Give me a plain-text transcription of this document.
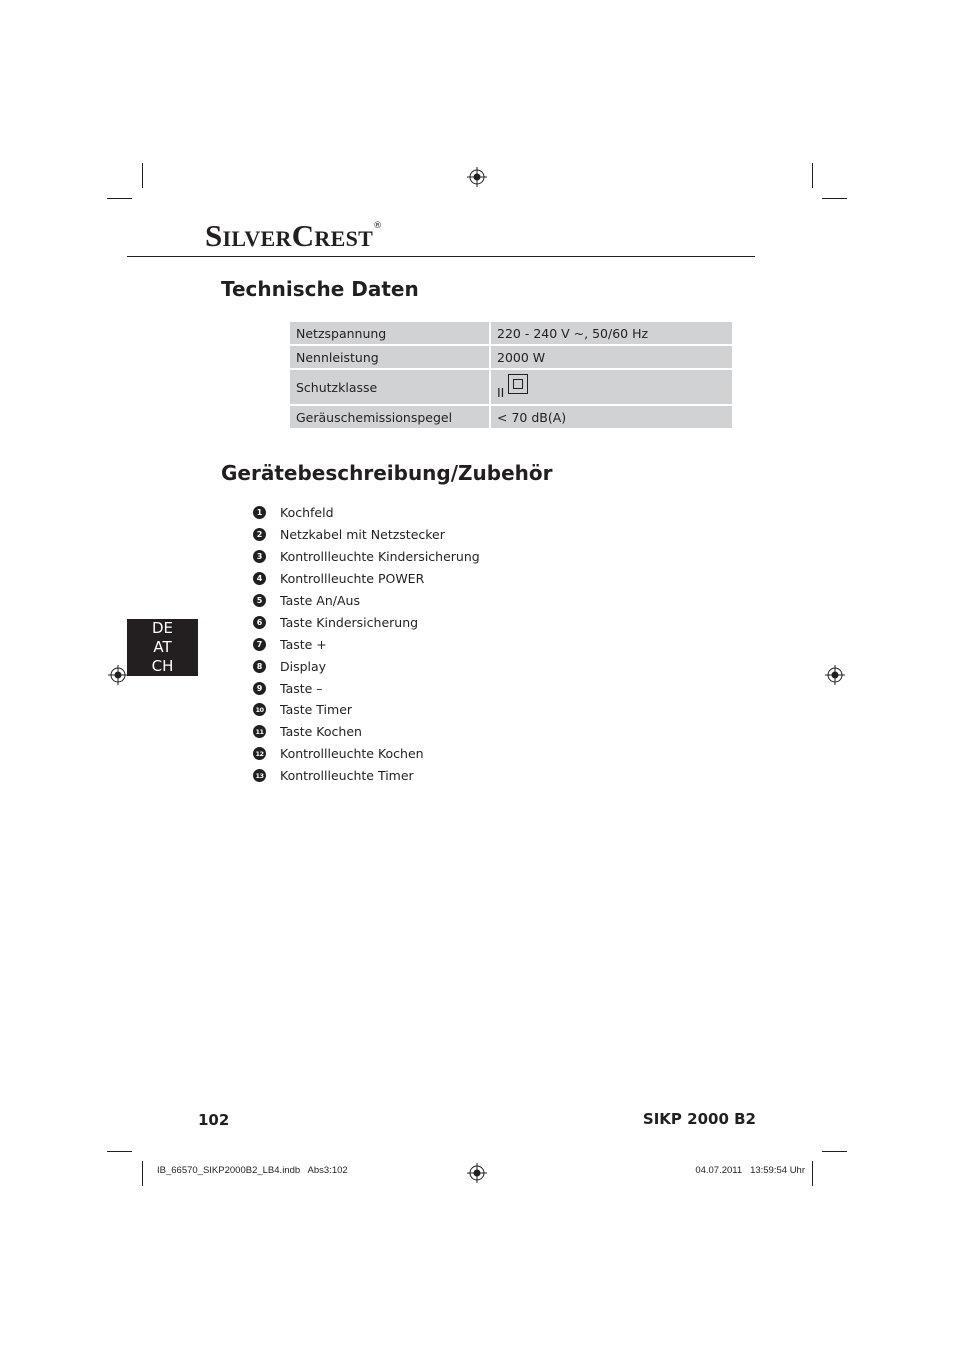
SILVERCREST®
Technische Daten
Netzspannung	220 - 240 V ~, 50/60 Hz
Nennleistung	2000 W
Schutzklasse	II
Geräuschemissionspegel	< 70 dB(A)
Gerätebeschreibung/Zubehör
1 Kochfeld
2 Netzkabel mit Netzstecker
3 Kontrollleuchte Kindersicherung
4 Kontrollleuchte POWER
5 Taste An/Aus
6 Taste Kindersicherung
7 Taste +
8 Display
9 Taste –
10 Taste Timer
11 Taste Kochen
12 Kontrollleuchte Kochen
13 Kontrollleuchte Timer
DE
AT
CH
102	SIKP 2000 B2
IB_66570_SIKP2000B2_LB4.indb   Abs3:102	04.07.2011   13:59:54 Uhr
